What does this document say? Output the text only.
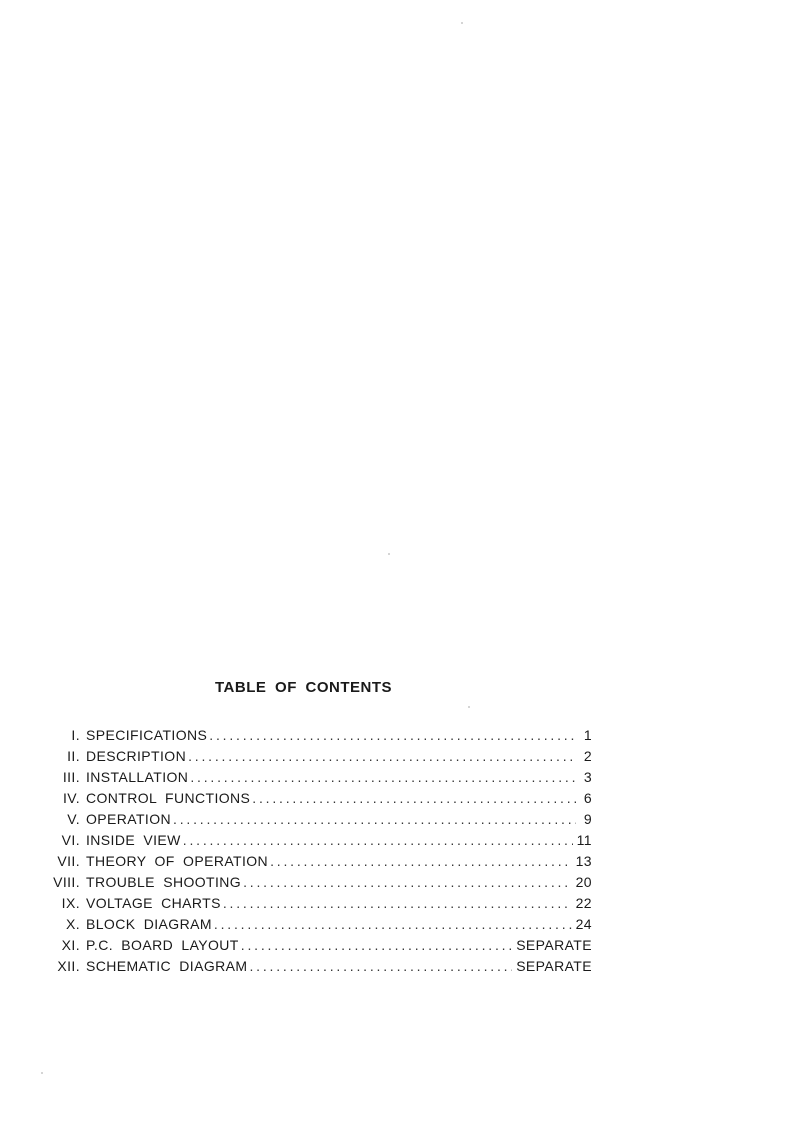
TABLE OF CONTENTS
I. SPECIFICATIONS .....	1
II. DESCRIPTION .....	2
III. INSTALLATION .....	3
IV. CONTROL FUNCTIONS .....	6
V. OPERATION .....	9
VI. INSIDE VIEW .....	11
VII. THEORY OF OPERATION .....	13
VIII. TROUBLE SHOOTING .....	20
IX. VOLTAGE CHARTS .....	22
X. BLOCK DIAGRAM .....	24
XI. P.C. BOARD LAYOUT .....	SEPARATE
XII. SCHEMATIC DIAGRAM .....	SEPARATE
